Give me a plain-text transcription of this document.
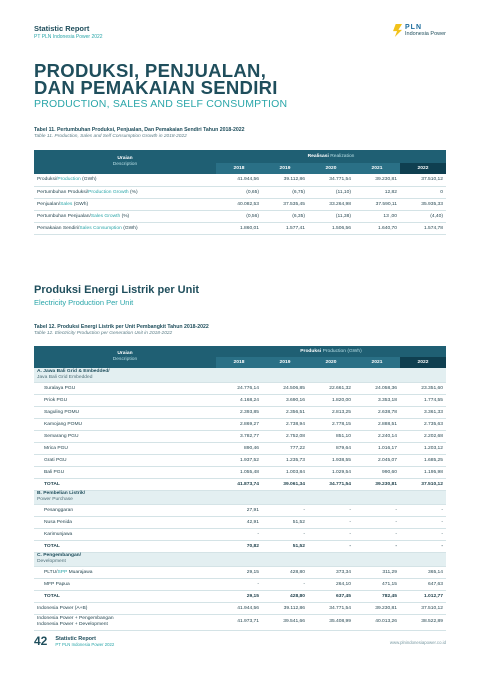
Statistic Report
PT PLN Indonesia Power 2022
PLN
Indonesia Power
PRODUKSI, PENJUALAN,
DAN PEMAKAIAN SENDIRI
PRODUCTION, SALES AND SELF CONSUMPTION
Tabel 11. Pertumbuhan Produksi, Penjualan, Dan Pemakaian Sendiri Tahun 2018-2022
Table 11. Production, Sales and Self Consumption Growth in 2018-2022
Uraian
Description	Realisasi Realization				
	2018	2019	2020	2021	2022
Produksi/Production (GWh)	41.944,56	39.112,86	34.771,54	39.230,81	37.510,12
Pertumbuhan Produksi/Production Growth (%)	(0,65)	(6,75)	(11,10)	12,82	0
Penjualan/Sales (GWh)	40.082,53	37.535,45	33.264,98	37.590,11	35.935,33
Pertumbuhan Penjualan/Sales Growth (%)	(0,56)	(6,35)	(11,38)	13 ,00	(4,40)
Pemakaian Sendiri/Sales Consumption (GWh)	1.860,01	1.577,41	1.506,56	1.640,70	1.574,78
Produksi Energi Listrik per Unit
Electricity Production Per Unit
Tabel 12. Produksi Energi Listrik per Unit Pembangkit Tahun 2018-2022
Table 12. Electricity Production per Generation Unit in 2018-2022
Uraian
Description	Produksi Production (GWh)				
	2018	2019	2020	2021	2022
A. Jawa Bali Grid & Embedded/
Java Bali Grid Embedded					

Suralaya PGU	24.776,14	24.506,85	22.661,32	24.058,36	23.351,60
Priok PGU	4.168,24	3.690,16	1.820,00	3.353,18	1.774,55
Saguling POMU	2.393,85	2.356,51	2.813,25	2.638,78	3.361,33
Kamojang POMU	2.869,27	2.738,94	2.778,15	2.888,51	2.735,63
Semarang PGU	3.782,77	2.752,08	851,10	2.240,14	2.202,68
Mrica PGU	890,46	777,22	879,64	1.016,17	1.203,12
Grati PGU	1.937,52	1.235,73	1.938,55	2.045,07	1.685,25
Bali PGU	1.055,48	1.003,84	1.029,54	990,60	1.195,98
TOTAL	41.873,74	39.061,34	34.771,54	39.230,81	37.510,12
B. Pembelian Listrik/
Power Purchase					

Pesanggaran	27,91	-	-	-	-
Nusa Penida	42,91	51,52	-	-	-
Karimunjawa	-	-	-	-	-
TOTAL	70,82	51,52	-	-	-
C. Pengembangan/
Development					

PLTU/SPP Muarajawa	29,15	428,80	373,34	311,29	365,14
MFP Papua	-	-	264,10	471,15	647,63
TOTAL	29,15	428,80	637,45	782,45	1.012,77
Indonesia Power (A+B)	41.944,56	39.112,86	34.771,54	39.230,81	37.510,12

Indonesia Power + Pengembangan
Indonesia Power + Development	41.973,71	39.541,66	35.408,99	40.013,26	38.522,89
42 Statistic Report
PT PLN Indonesia Power 2022	www.plnindonesiapower.co.id
